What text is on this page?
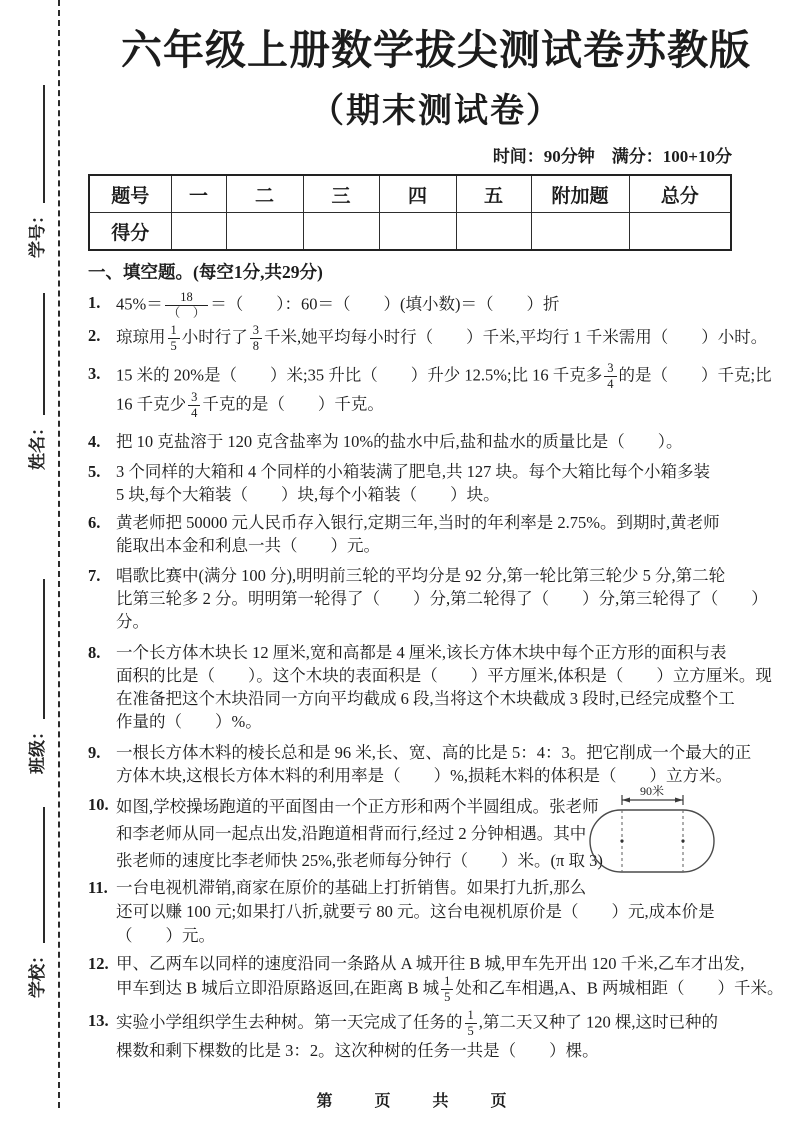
学号：
姓名：
班级：
学校：
六年级上册数学拔尖测试卷苏教版
（期末测试卷）
时间：90分钟　满分：100+10分
题号	一	二	三	四	五	附加题	总分
得分							
一、填空题。(每空1分,共29分)
1. $45\%= \frac{18}{( )}$ ＝（　　）：60＝（　　）(填小数)＝（　　）折
2. 琼琼用 $\frac{1}{5}$ 小时行了 $\frac{3}{8}$ 千米,她平均每小时行（　　）千米,平均行 1 千米需用（　　）小时。
3. 15 米的 20%是（　　）米;35 升比（　　）升少 12.5%;比 16 千克多 $\frac{3}{4}$ 的是（　　）千克;比
16 千克少 $\frac{3}{4}$ 千克的是（　　）千克。
4. 把 10 克盐溶于 120 克含盐率为 10%的盐水中后,盐和盐水的质量比是（　　）。
5. 3 个同样的大箱和 4 个同样的小箱装满了肥皂,共 127 块。每个大箱比每个小箱多装
5 块,每个大箱装（　　）块,每个小箱装（　　）块。
6. 黄老师把 50000 元人民币存入银行,定期三年,当时的年利率是 2.75%。到期时,黄老师
能取出本金和利息一共（　　）元。
7. 唱歌比赛中(满分 100 分),明明前三轮的平均分是 92 分,第一轮比第三轮少 5 分,第二轮
比第三轮多 2 分。明明第一轮得了（　　）分,第二轮得了（　　）分,第三轮得了（　　）分。
8. 一个长方体木块长 12 厘米,宽和高都是 4 厘米,该长方体木块中每个正方形的面积与表
面积的比是（　　）。这个木块的表面积是（　　）平方厘米,体积是（　　）立方厘米。现
在准备把这个木块沿同一方向平均截成 6 段,当将这个木块截成 3 段时,已经完成整个工
作量的（　　）%。
9. 一根长方体木料的棱长总和是 96 米,长、宽、高的比是 5：4：3。把它削成一个最大的正
方体木块,这根长方体木料的利用率是（　　）%,损耗木料的体积是（　　）立方米。
10. 如图,学校操场跑道的平面图由一个正方形和两个半圆组成。张老师
和李老师从同一起点出发,沿跑道相背而行,经过 2 分钟相遇。其中
张老师的速度比李老师快 25%,张老师每分钟行（　　）米。(π 取 3)
11. 一台电视机滞销,商家在原价的基础上打折销售。如果打九折,那么
还可以赚 100 元;如果打八折,就要亏 80 元。这台电视机原价是（　　）元,成本价是
（　　）元。
12. 甲、乙两车以同样的速度沿同一条路从 A 城开往 B 城,甲车先开出 120 千米,乙车才出发,
甲车到达 B 城后立即沿原路返回,在距离 B 城 $\frac{1}{5}$ 处和乙车相遇,A、B 两城相距（　　）千米。
13. 实验小学组织学生去种树。第一天完成了任务的 $\frac{1}{5}$ ,第二天又种了 120 棵,这时已种的
棵数和剩下棵数的比是 3：2。这次种树的任务一共是（　　）棵。
90米
第　页　共　页
